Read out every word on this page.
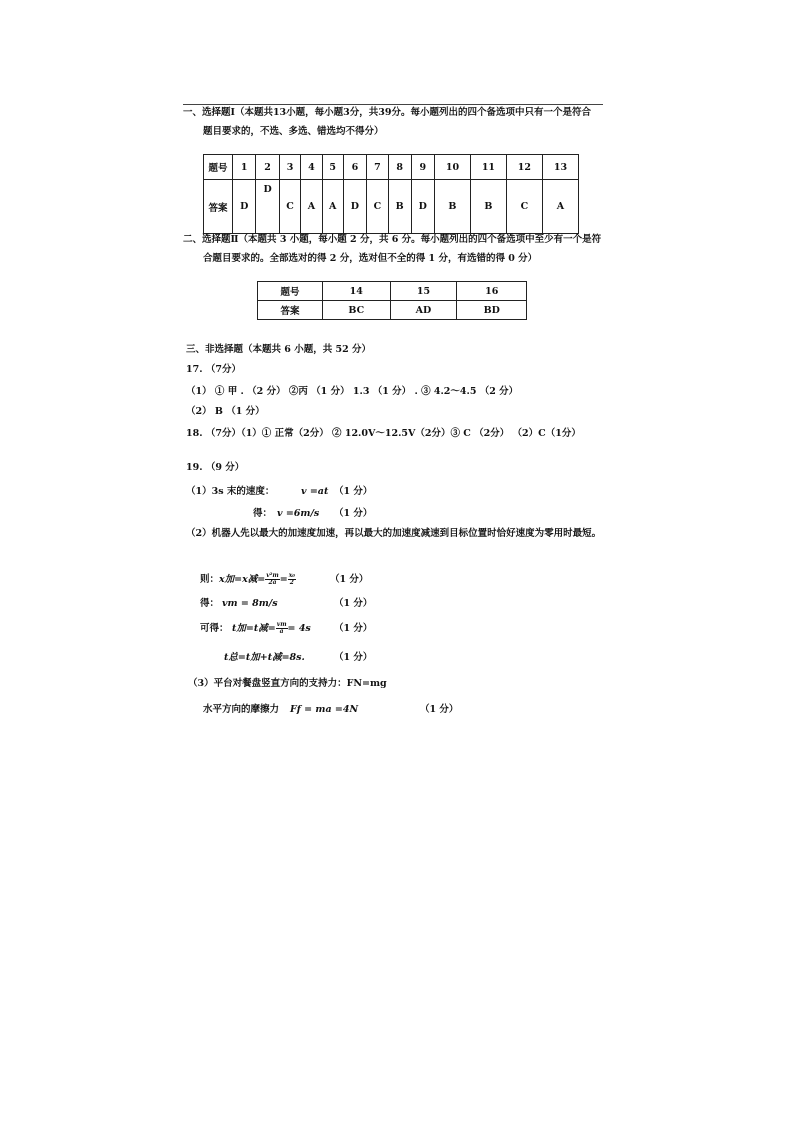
一、选择题Ⅰ（本题共13小题，每小题3分，共39分。每小题列出的四个备选项中只有一个是符合
题目要求的，不选、多选、错选均不得分）
题号	1	2	3	4	5	6	7	8	9	10	11	12	13
答案	D	D	C	A	A	D	C	B	D	B	B	C	A
二、选择题Ⅱ（本题共 3 小题，每小题 2 分，共 6 分。每小题列出的四个备选项中至少有一个是符
合题目要求的。全部选对的得 2 分，选对但不全的得 1 分，有选错的得 0 分）
题号	14	15	16
答案	BC	AD	BD
三、非选择题（本题共 6 小题，共 52 分）
17. （7分）
（1） ① 甲 . （2 分） ②丙 （1 分） 1.3 （1 分） . ③ 4.2～4.5 （2 分）
（2） B （1 分）
18. （7分）（1）① 正常（2分） ② 12.0V～12.5V（2分）③ C （2分） （2）C（1分）
19. （9 分）
（1）3s 末的速度：	v =at （1 分）
得： v =6m/s （1 分）
（2）机器人先以最大的加速度加速，再以最大的加速度减速到目标位置时恰好速度为零用时最短。
则： x加=x减= $\frac{\text{v²m}}{2a} = \frac{\text{x₀}}{2}$	（1 分）
得： vm = 8m/s	（1 分）
可得： t加=t减= $\frac{vm}{a} = 4s$ （1 分）
t总=t加+t减=8s.	（1 分）
（3）平台对餐盘竖直方向的支持力：FN=mg
水平方向的摩擦力 Ff = ma =4N	（1 分）
